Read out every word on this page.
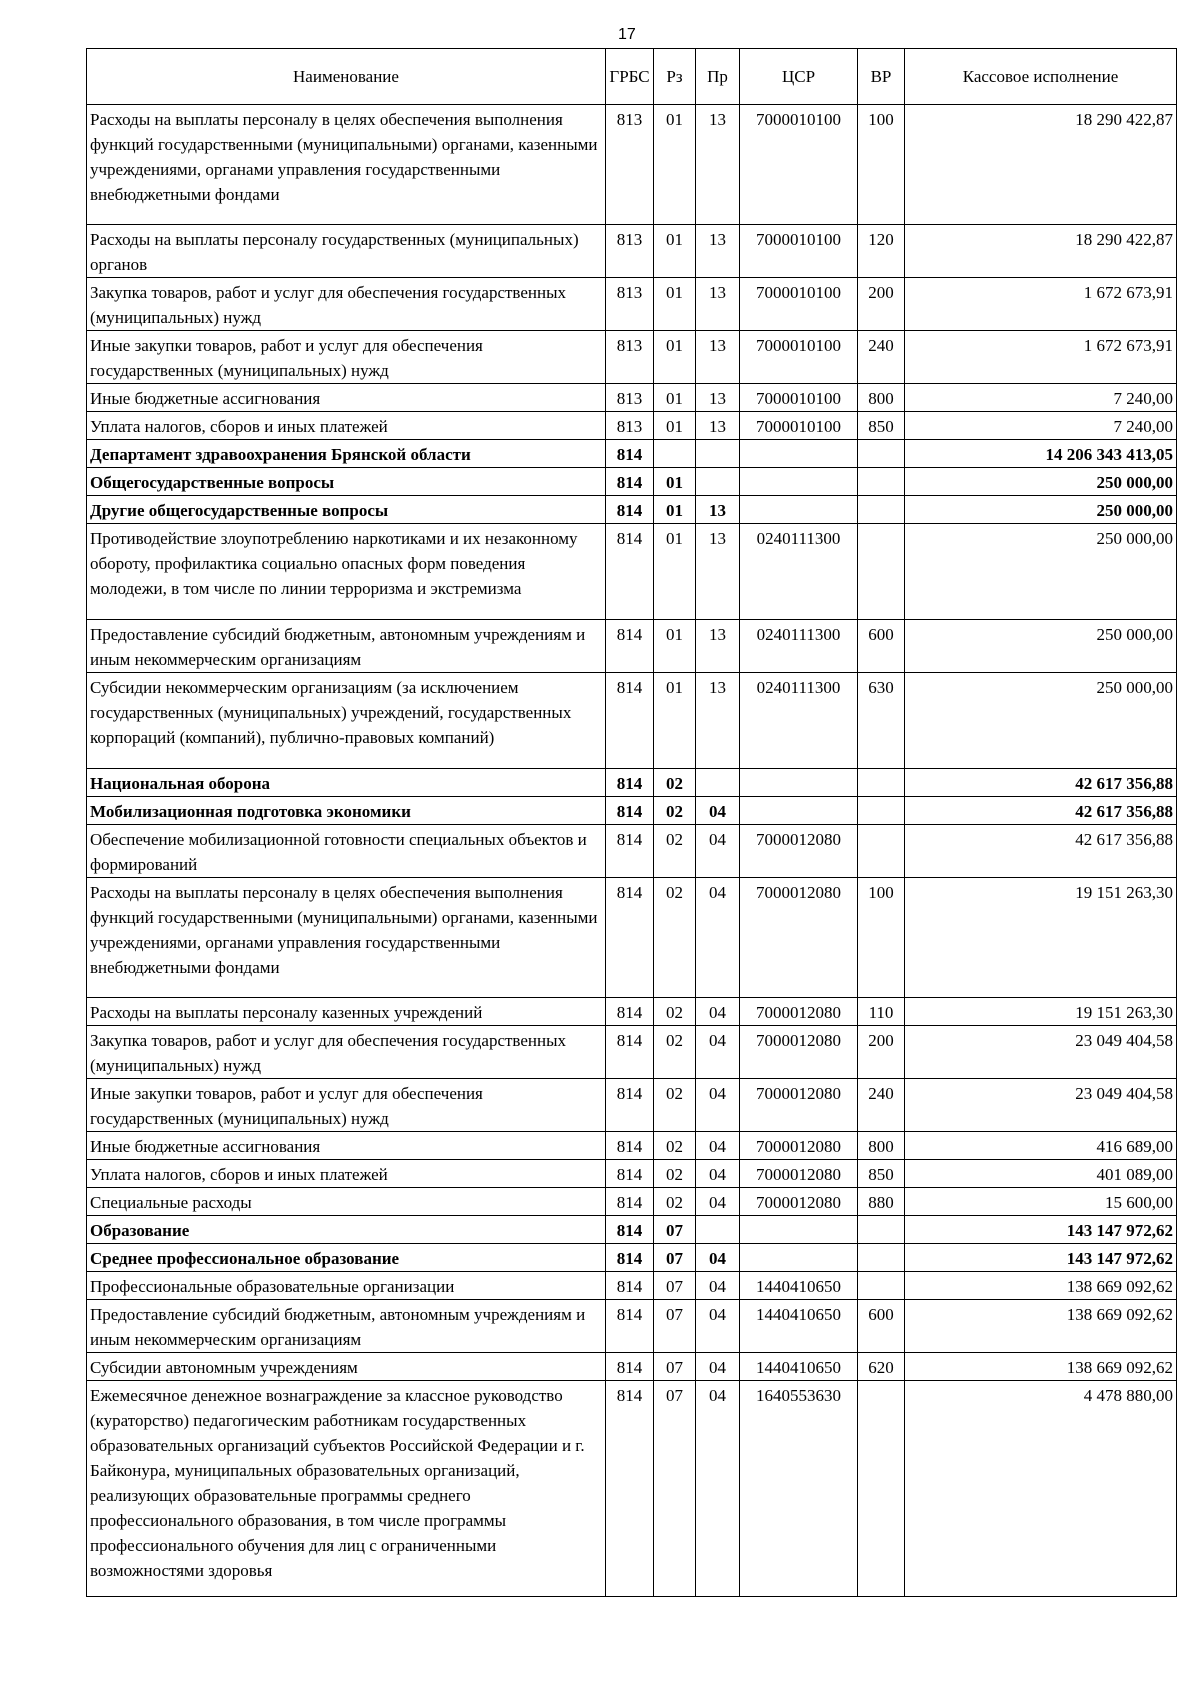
17
Наименование	ГРБС	Рз	Пр	ЦСР	ВР	Кассовое исполнение
Расходы на выплаты персоналу в целях обеспечения выполнения функций государственными (муниципальными) органами, казенными учреждениями, органами управления государственными внебюджетными фондами	813	01	13	7000010100	100	18 290 422,87
Расходы на выплаты персоналу государственных (муниципальных) органов	813	01	13	7000010100	120	18 290 422,87
Закупка товаров, работ и услуг для обеспечения государственных (муниципальных) нужд	813	01	13	7000010100	200	1 672 673,91
Иные закупки товаров, работ и услуг для обеспечения государственных (муниципальных) нужд	813	01	13	7000010100	240	1 672 673,91
Иные бюджетные ассигнования	813	01	13	7000010100	800	7 240,00
Уплата налогов, сборов и иных платежей	813	01	13	7000010100	850	7 240,00
Департамент здравоохранения Брянской области	814					14 206 343 413,05
Общегосударственные вопросы	814	01				250 000,00
Другие общегосударственные вопросы	814	01	13			250 000,00
Противодействие злоупотреблению наркотиками и их незаконному обороту, профилактика социально опасных форм поведения молодежи, в том числе по линии терроризма и экстремизма	814	01	13	0240111300		250 000,00
Предоставление субсидий бюджетным, автономным учреждениям и иным некоммерческим организациям	814	01	13	0240111300	600	250 000,00
Субсидии некоммерческим организациям (за исключением государственных (муниципальных) учреждений, государственных корпораций (компаний), публично-правовых компаний)	814	01	13	0240111300	630	250 000,00
Национальная оборона	814	02				42 617 356,88
Мобилизационная подготовка экономики	814	02	04			42 617 356,88
Обеспечение мобилизационной готовности специальных объектов и формирований	814	02	04	7000012080		42 617 356,88
Расходы на выплаты персоналу в целях обеспечения выполнения функций государственными (муниципальными) органами, казенными учреждениями, органами управления государственными внебюджетными фондами	814	02	04	7000012080	100	19 151 263,30
Расходы на выплаты персоналу казенных учреждений	814	02	04	7000012080	110	19 151 263,30
Закупка товаров, работ и услуг для обеспечения государственных (муниципальных) нужд	814	02	04	7000012080	200	23 049 404,58
Иные закупки товаров, работ и услуг для обеспечения государственных (муниципальных) нужд	814	02	04	7000012080	240	23 049 404,58
Иные бюджетные ассигнования	814	02	04	7000012080	800	416 689,00
Уплата налогов, сборов и иных платежей	814	02	04	7000012080	850	401 089,00
Специальные расходы	814	02	04	7000012080	880	15 600,00
Образование	814	07				143 147 972,62
Среднее профессиональное образование	814	07	04			143 147 972,62
Профессиональные образовательные организации	814	07	04	1440410650		138 669 092,62
Предоставление субсидий бюджетным, автономным учреждениям и иным некоммерческим организациям	814	07	04	1440410650	600	138 669 092,62
Субсидии автономным учреждениям	814	07	04	1440410650	620	138 669 092,62
Ежемесячное денежное вознаграждение за классное руководство (кураторство) педагогическим работникам государственных образовательных организаций субъектов Российской Федерации и г. Байконура, муниципальных образовательных организаций, реализующих образовательные программы среднего профессионального образования, в том числе программы профессионального обучения для лиц с ограниченными возможностями здоровья	814	07	04	1640553630		4 478 880,00
